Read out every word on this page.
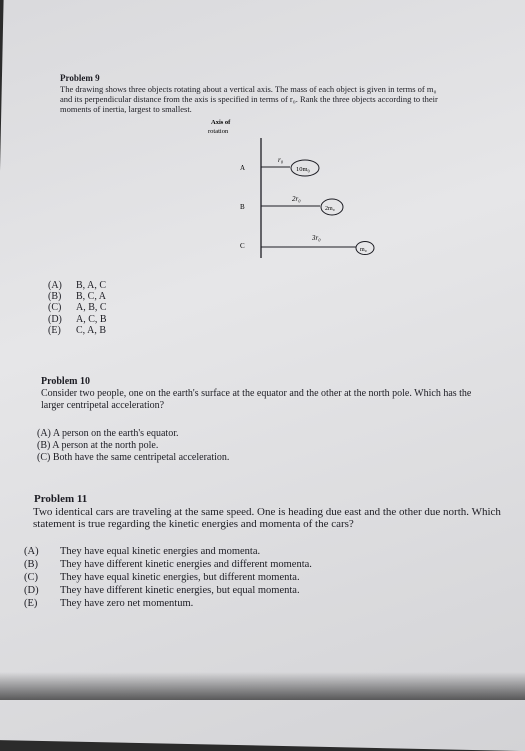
Problem 9
The drawing shows three objects rotating about a vertical axis. The mass of each object is given in terms of m₀
and its perpendicular distance from the axis is specified in terms of r₀. Rank the three objects according to their
moments of inertia, largest to smallest.
Axis of
rotation
A
r₀
10m₀
B
2r₀
2m₀
C
3r₀
m₀
(A) B, A, C
(B) B, C, A
(C) A, B, C
(D) A, C, B
(E) C, A, B
Problem 10
Consider two people, one on the earth's surface at the equator and the other at the north pole. Which has the
larger centripetal acceleration?
(A) A person on the earth's equator.
(B) A person at the north pole.
(C) Both have the same centripetal acceleration.
Problem 11
Two identical cars are traveling at the same speed. One is heading due east and the other due north. Which
statement is true regarding the kinetic energies and momenta of the cars?
(A) They have equal kinetic energies and momenta.
(B) They have different kinetic energies and different momenta.
(C) They have equal kinetic energies, but different momenta.
(D) They have different kinetic energies, but equal momenta.
(E) They have zero net momentum.
